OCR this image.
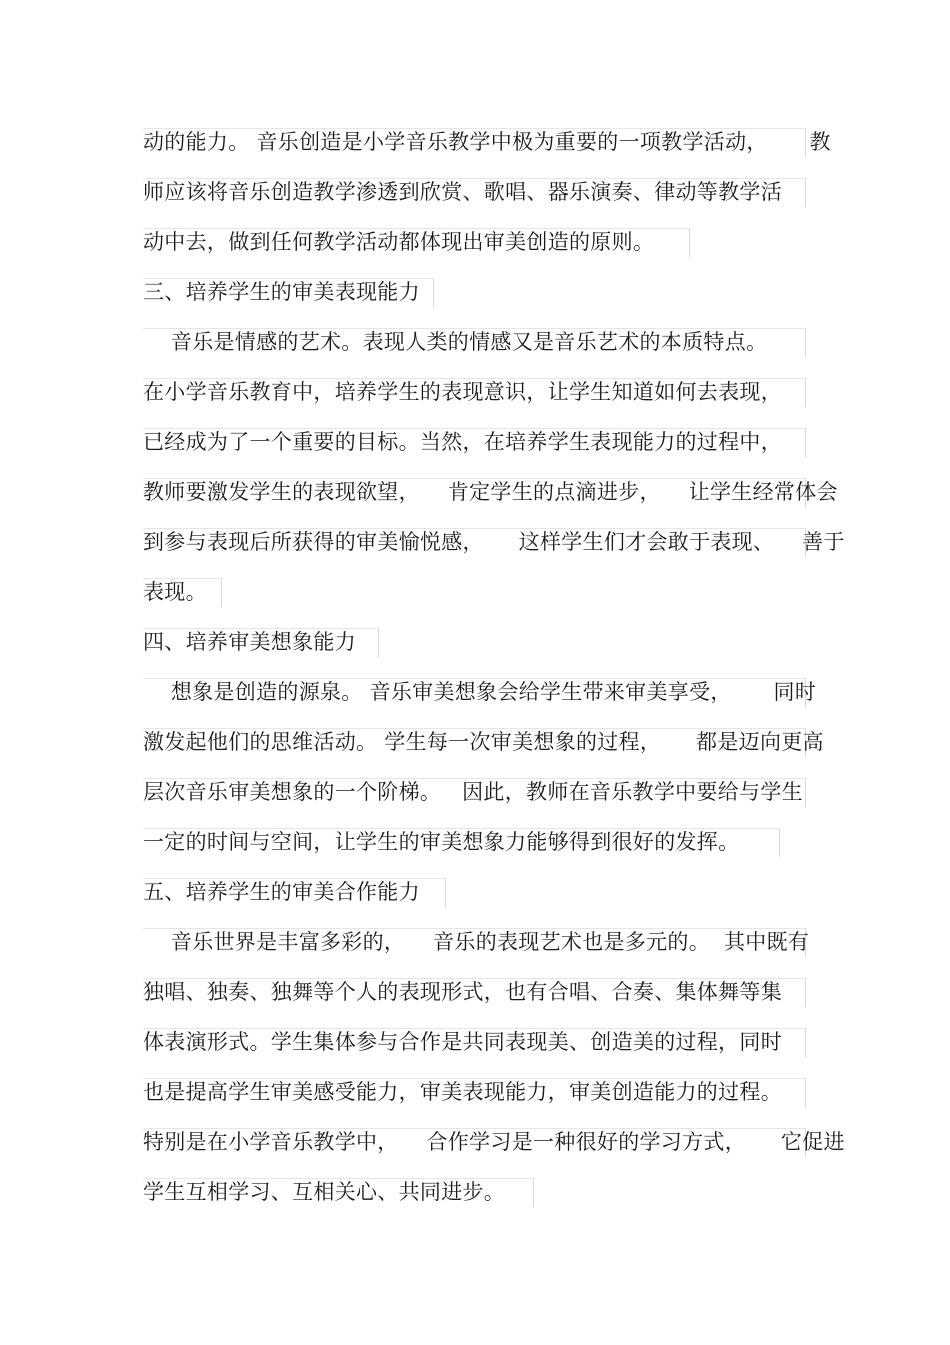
动的能力。 音乐创造是小学音乐教学中极为重要的一项教学活动，      教
师应该将音乐创造教学渗透到欣赏、歌唱、器乐演奏、律动等教学活
动中去，做到任何教学活动都体现出审美创造的原则。
三、培养学生的审美表现能力
音乐是情感的艺术。表现人类的情感又是音乐艺术的本质特点。
在小学音乐教育中，培养学生的表现意识，让学生知道如何去表现，
已经成为了一个重要的目标。当然，在培养学生表现能力的过程中，
教师要激发学生的表现欲望，    肯定学生的点滴进步，    让学生经常体会
到参与表现后所获得的审美愉悦感，     这样学生们才会敢于表现、    善于
表现。
四、培养审美想象能力
想象是创造的源泉。 音乐审美想象会给学生带来审美享受，      同时
激发起他们的思维活动。 学生每一次审美想象的过程，     都是迈向更高
层次音乐审美想象的一个阶梯。   因此，教师在音乐教学中要给与学生
一定的时间与空间，让学生的审美想象力能够得到很好的发挥。
五、培养学生的审美合作能力
音乐世界是丰富多彩的，    音乐的表现艺术也是多元的。  其中既有
独唱、独奏、独舞等个人的表现形式，也有合唱、合奏、集体舞等集
体表演形式。学生集体参与合作是共同表现美、创造美的过程，同时
也是提高学生审美感受能力，审美表现能力，审美创造能力的过程。
特别是在小学音乐教学中，    合作学习是一种很好的学习方式，     它促进
学生互相学习、互相关心、共同进步。
